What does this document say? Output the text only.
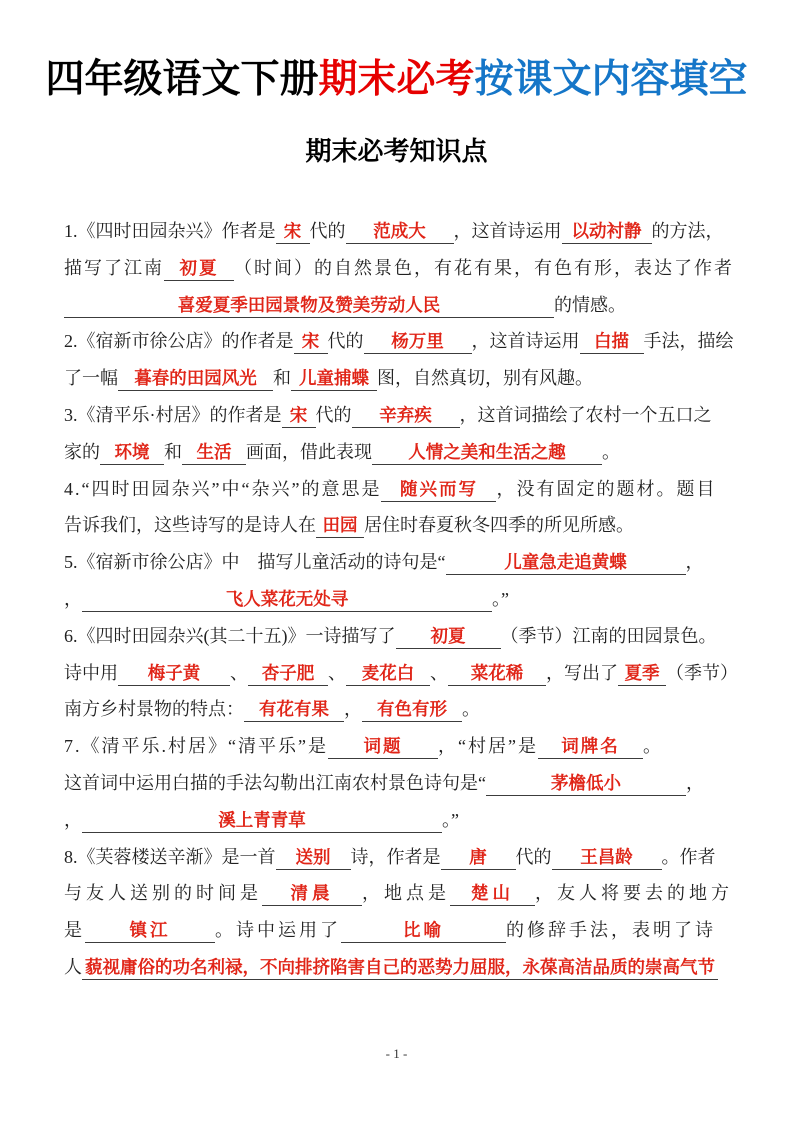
四年级语文下册期末必考按课文内容填空
期末必考知识点
1.《四时田园杂兴》作者是 宋 代的 范成大 ，这首诗运用 以动衬静 的方法，
描写了江南 初夏 （时间）的自然景色，有花有果，有色有形，表达了作者
喜爱夏季田园景物及赞美劳动人民	的情感。
2.《宿新市徐公店》的作者是 宋 代的 杨万里 ，这首诗运用 白描 手法，描绘
了一幅 暮春的田园风光 和 儿童捕蝶 图，自然真切，别有风趣。
3.《清平乐·村居》的作者是 宋 代的 辛弃疾 ，这首词描绘了农村一个五口之
家的 环境 和 生活 画面，借此表现 人情之美和生活之趣 。
4.“四时田园杂兴”中“杂兴”的意思是 随兴而写 ，没有固定的题材。题目
告诉我们，这些诗写的是诗人在 田园 居住时春夏秋冬四季的所见所感。
5.《宿新市徐公店》中　描写儿童活动的诗句是“	儿童急走追黄蝶	，
，	飞人菜花无处寻	。”
6.《四时田园杂兴(其二十五)》一诗描写了 初夏 （季节）江南的田园景色。
诗中用 梅子黄 、 杏子肥 、 麦花白 、 菜花稀 ，写出了 夏季 （季节）
南方乡村景物的特点： 有花有果 ， 有色有形 。
7.《清平乐.村居》“清平乐”是 词题 ，“村居”是 词牌名 。
这首词中运用白描的手法勾勒出江南农村景色诗句是“	茅檐低小	，
，	溪上青青草	。”
8.《芙蓉楼送辛渐》是一首 送别 诗，作者是 唐 代的 王昌龄 。作者
与友人送别的时间是 清晨 ，地点是 楚山 ，友人将要去的地方
是	镇江 。诗中运用了	比喻	的修辞手法，表明了诗
人 藐视庸俗的功名利禄，不向排挤陷害自己的恶势力屈服，永葆高洁品质的崇高气节
- 1 -
